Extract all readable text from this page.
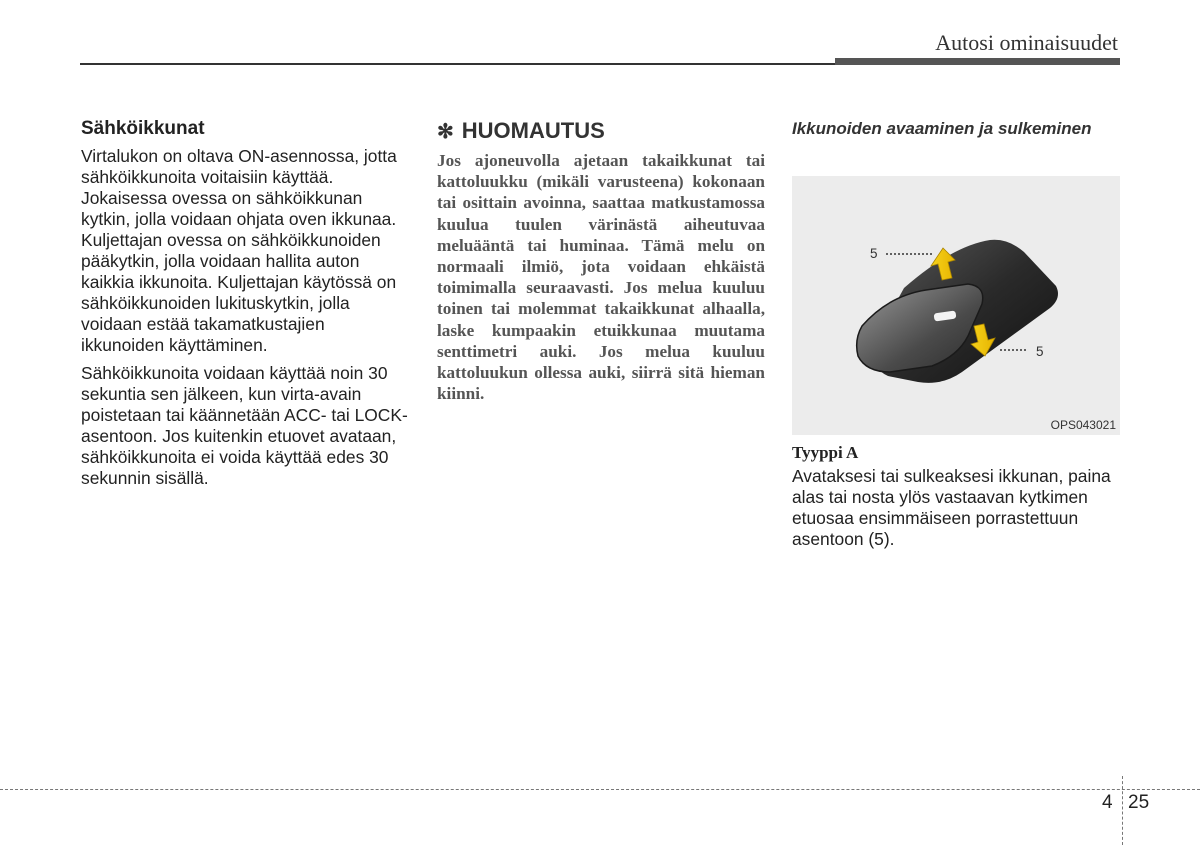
Autosi ominaisuudet
Sähköikkunat

Virtalukon on oltava ON-asennossa, jotta sähköikkunoita voitaisiin käyttää. Jokaisessa ovessa on sähköikkunan kytkin, jolla voidaan ohjata oven ikkunaa. Kuljettajan ovessa on sähköikkunoiden pääkytkin, jolla voidaan hallita auton kaikkia ikkunoita. Kuljettajan käytössä on sähköikkunoiden lukituskytkin, jolla voidaan estää takamatkustajien ikkunoiden käyttäminen.

Sähköikkunoita voidaan käyttää noin 30 sekuntia sen jälkeen, kun virta-avain poistetaan tai käännetään ACC- tai LOCK-asentoon. Jos kuitenkin etuovet avataan, sähköikkunoita ei voida käyttää edes 30 sekunnin sisällä.

✻ HUOMAUTUS

Jos ajoneuvolla ajetaan takaikkunat tai kattoluukku (mikäli varusteena) kokonaan tai osittain avoinna, saattaa matkustamossa kuulua tuulen värinästä aiheutuvaa meluääntä tai huminaa. Tämä melu on normaali ilmiö, jota voidaan ehkäistä toimimalla seuraavasti. Jos melua kuuluu toinen tai molemmat takaikkunat alhaalla, laske kumpaakin etuikkunaa muutama senttimetri auki. Jos melua kuuluu kattoluukun ollessa auki, siirrä sitä hieman kiinni.

Ikkunoiden avaaminen ja sulkeminen

5
5
OPS043021
Tyyppi A

Avataksesi tai sulkeaksesi ikkunan, paina alas tai nosta ylös vastaavan kytkimen etuosaa ensimmäiseen porrastettuun asentoon (5).

4 25
